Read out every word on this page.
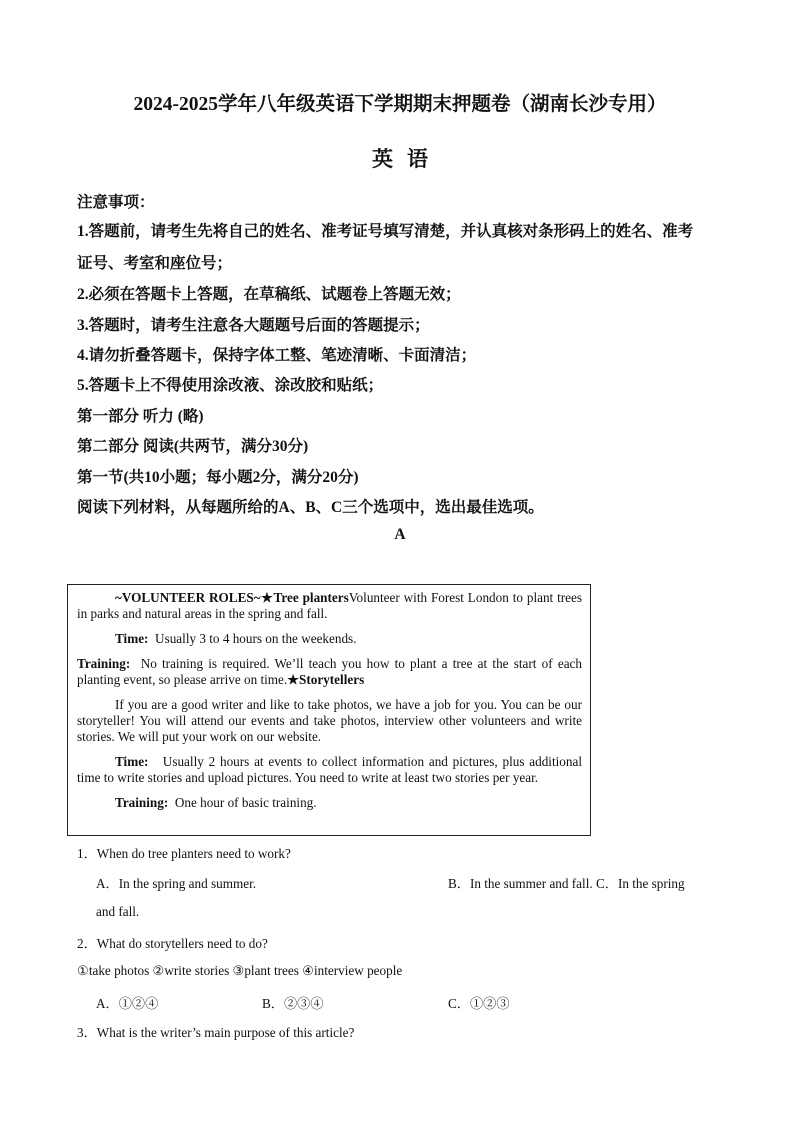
2024-2025学年八年级英语下学期期末押题卷（湖南长沙专用）
英语
注意事项：
1.答题前，请考生先将自己的姓名、准考证号填写清楚，并认真核对条形码上的姓名、准考
证号、考室和座位号；
2.必须在答题卡上答题，在草稿纸、试题卷上答题无效；
3.答题时，请考生注意各大题题号后面的答题提示；
4.请勿折叠答题卡，保持字体工整、笔迹清晰、卡面清洁；
5.答题卡上不得使用涂改液、涂改胶和贴纸；
第一部分 听力 (略)
第二部分 阅读(共两节，满分30分)
第一节(共10小题；每小题2分，满分20分)
阅读下列材料，从每题所给的A、B、C三个选项中，选出最佳选项。
A

~VOLUNTEER ROLES~★Tree plantersVolunteer with Forest London to plant trees in parks and natural areas in the spring and fall.

Time: Usually 3 to 4 hours on the weekends.

Training: No training is required. We’ll teach you how to plant a tree at the start of each planting event, so please arrive on time.★Storytellers

If you are a good writer and like to take photos, we have a job for you. You can be our storyteller! You will attend our events and take photos, interview other volunteers and write stories. We will put your work on our website.

Time: Usually 2 hours at events to collect information and pictures, plus additional time to write stories and upload pictures. You need to write at least two stories per year.

Training: One hour of basic training.

1．When do tree planters need to work?
A．In the spring and summer.	B．In the summer and fall. C．In the spring
and fall.
2．What do storytellers need to do?
①take photos ②write stories ③plant trees ④interview people
A．①②④	B．②③④	C．①②③
3．What is the writer’s main purpose of this article?
